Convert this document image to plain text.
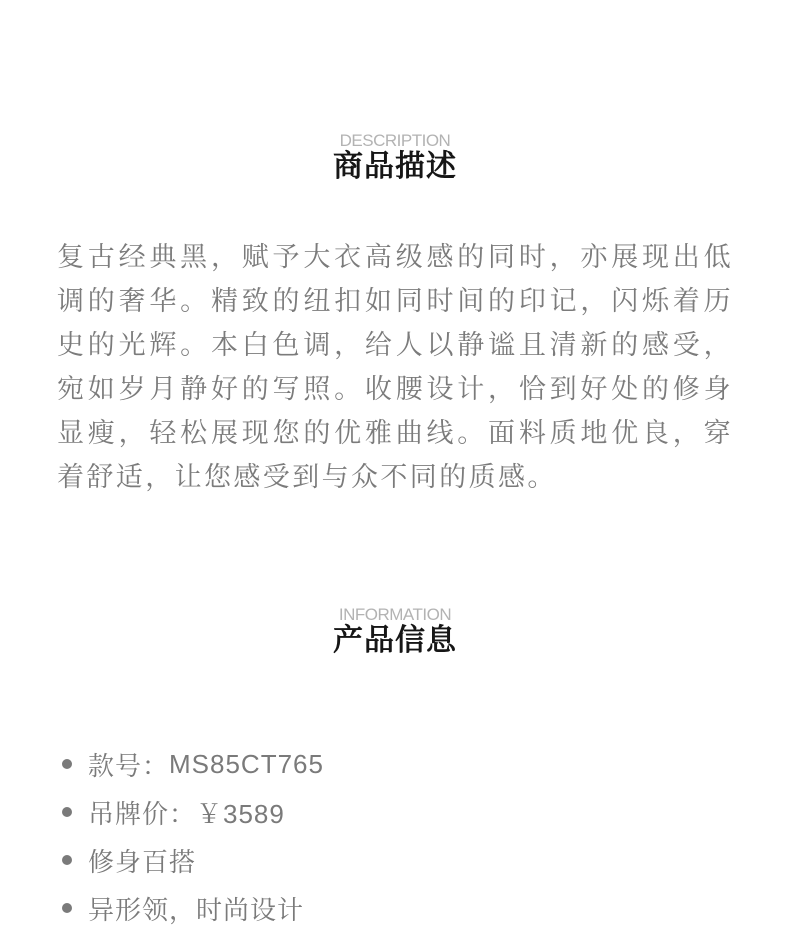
DESCRIPTION
商品描述

复古经典黑，赋予大衣高级感的同时，亦展现出低调的奢华。精致的纽扣如同时间的印记，闪烁着历史的光辉。本白色调，给人以静谧且清新的感受，宛如岁月静好的写照。收腰设计，恰到好处的修身显瘦，轻松展现您的优雅曲线。面料质地优良，穿着舒适，让您感受到与众不同的质感。

INFORMATION
产品信息
款号： MS85CT765
吊牌价： ￥3589
修身百搭
异形领，时尚设计
